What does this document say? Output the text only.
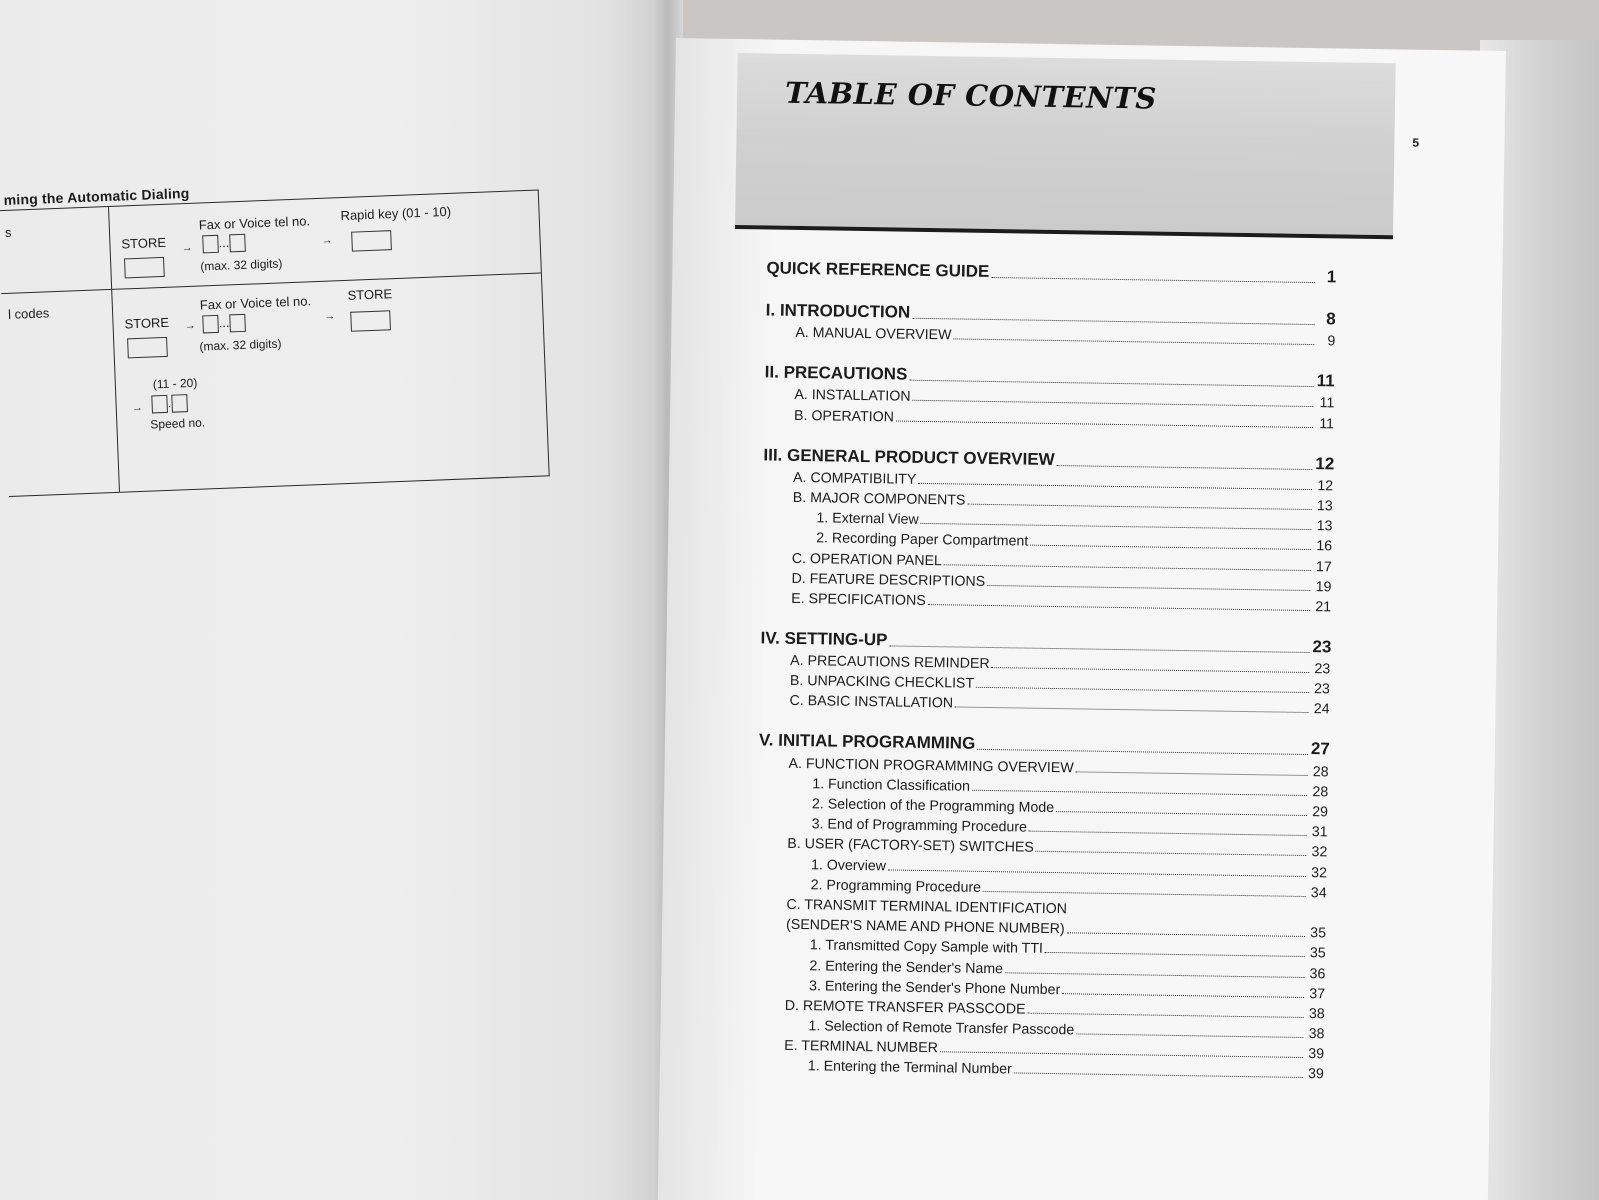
ming the Automatic Dialing
s
STORE →
Fax or Voice tel no.
...
(max. 32 digits)
→
Rapid key (01 - 10)
l codes
STORE →
Fax or Voice tel no.
...
(max. 32 digits)
→
STORE
(11 - 20)
→	.
Speed no.
TABLE OF CONTENTS
5
QUICK REFERENCE GUIDE	1
I. INTRODUCTION	8
A. MANUAL OVERVIEW	9
II. PRECAUTIONS	11
A. INSTALLATION	11
B. OPERATION	11
III. GENERAL PRODUCT OVERVIEW	12
A. COMPATIBILITY	12
B. MAJOR COMPONENTS	13
1. External View	13
2. Recording Paper Compartment	16
C. OPERATION PANEL	17
D. FEATURE DESCRIPTIONS	19
E. SPECIFICATIONS	21
IV. SETTING-UP	23
A. PRECAUTIONS REMINDER	23
B. UNPACKING CHECKLIST	23
C. BASIC INSTALLATION	24
V. INITIAL PROGRAMMING	27
A. FUNCTION PROGRAMMING OVERVIEW	28
1. Function Classification	28
2. Selection of the Programming Mode	29
3. End of Programming Procedure	31
B. USER (FACTORY-SET) SWITCHES	32
1. Overview	32
2. Programming Procedure	34
C. TRANSMIT TERMINAL IDENTIFICATION
(SENDER'S NAME AND PHONE NUMBER)	35
1. Transmitted Copy Sample with TTI	35
2. Entering the Sender's Name	36
3. Entering the Sender's Phone Number	37
D. REMOTE TRANSFER PASSCODE	38
1. Selection of Remote Transfer Passcode	38
E. TERMINAL NUMBER	39
1. Entering the Terminal Number	39
